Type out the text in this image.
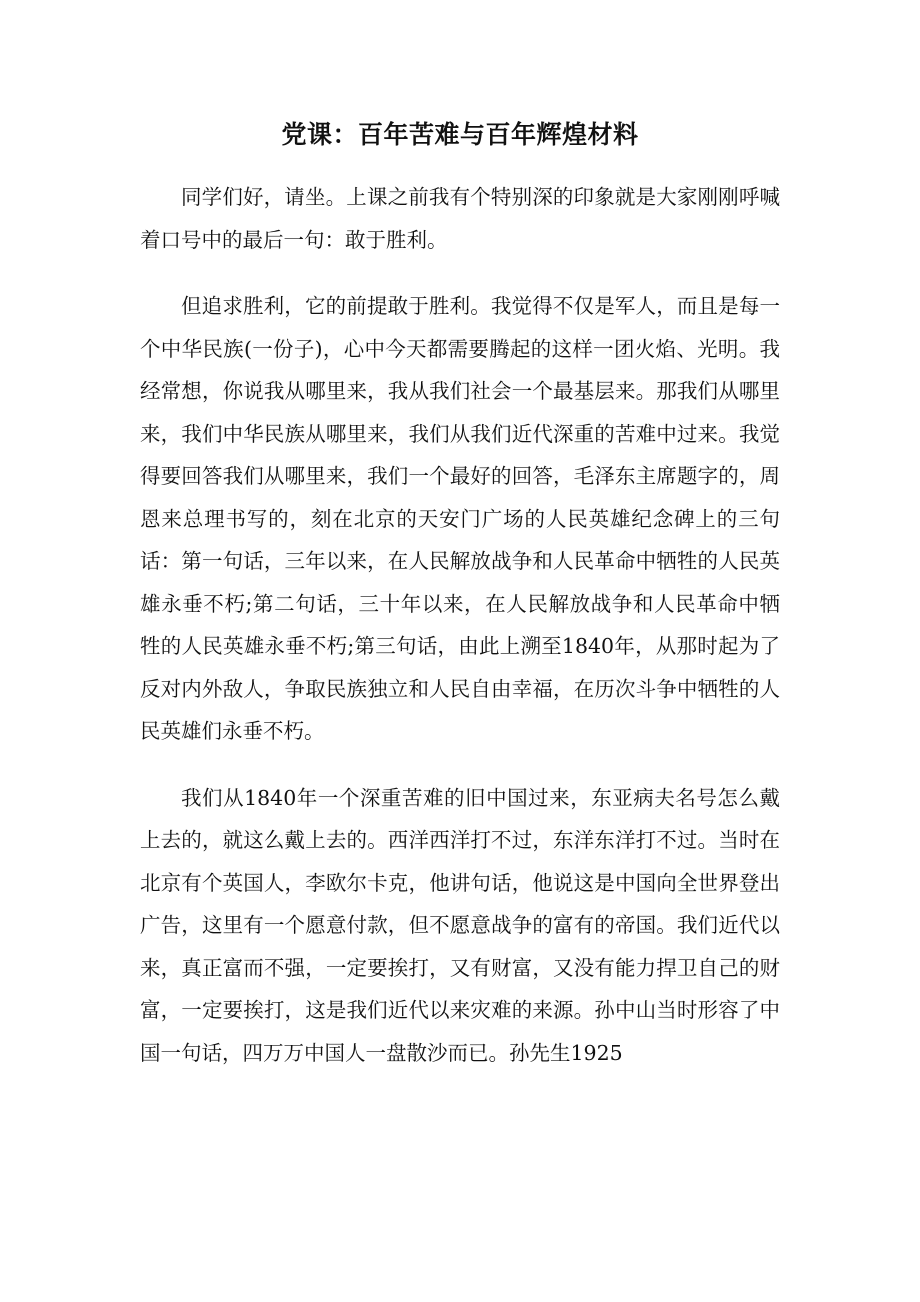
党课：百年苦难与百年辉煌材料

同学们好，请坐。上课之前我有个特别深的印象就是大家刚刚呼喊着口号中的最后一句：敢于胜利。

但追求胜利，它的前提敢于胜利。我觉得不仅是军人，而且是每一个中华民族(一份子)，心中今天都需要腾起的这样一团火焰、光明。我经常想，你说我从哪里来，我从我们社会一个最基层来。那我们从哪里来，我们中华民族从哪里来，我们从我们近代深重的苦难中过来。我觉得要回答我们从哪里来，我们一个最好的回答，毛泽东主席题字的，周恩来总理书写的，刻在北京的天安门广场的人民英雄纪念碑上的三句话：第一句话，三年以来，在人民解放战争和人民革命中牺牲的人民英雄永垂不朽;第二句话，三十年以来，在人民解放战争和人民革命中牺牲的人民英雄永垂不朽;第三句话，由此上溯至1840年，从那时起为了反对内外敌人，争取民族独立和人民自由幸福，在历次斗争中牺牲的人民英雄们永垂不朽。

我们从1840年一个深重苦难的旧中国过来，东亚病夫名号怎么戴上去的，就这么戴上去的。西洋西洋打不过，东洋东洋打不过。当时在北京有个英国人，李欧尔卡克，他讲句话，他说这是中国向全世界登出广告，这里有一个愿意付款，但不愿意战争的富有的帝国。我们近代以来，真正富而不强，一定要挨打，又有财富，又没有能力捍卫自己的财富，一定要挨打，这是我们近代以来灾难的来源。孙中山当时形容了中国一句话，四万万中国人一盘散沙而已。孙先生1925
